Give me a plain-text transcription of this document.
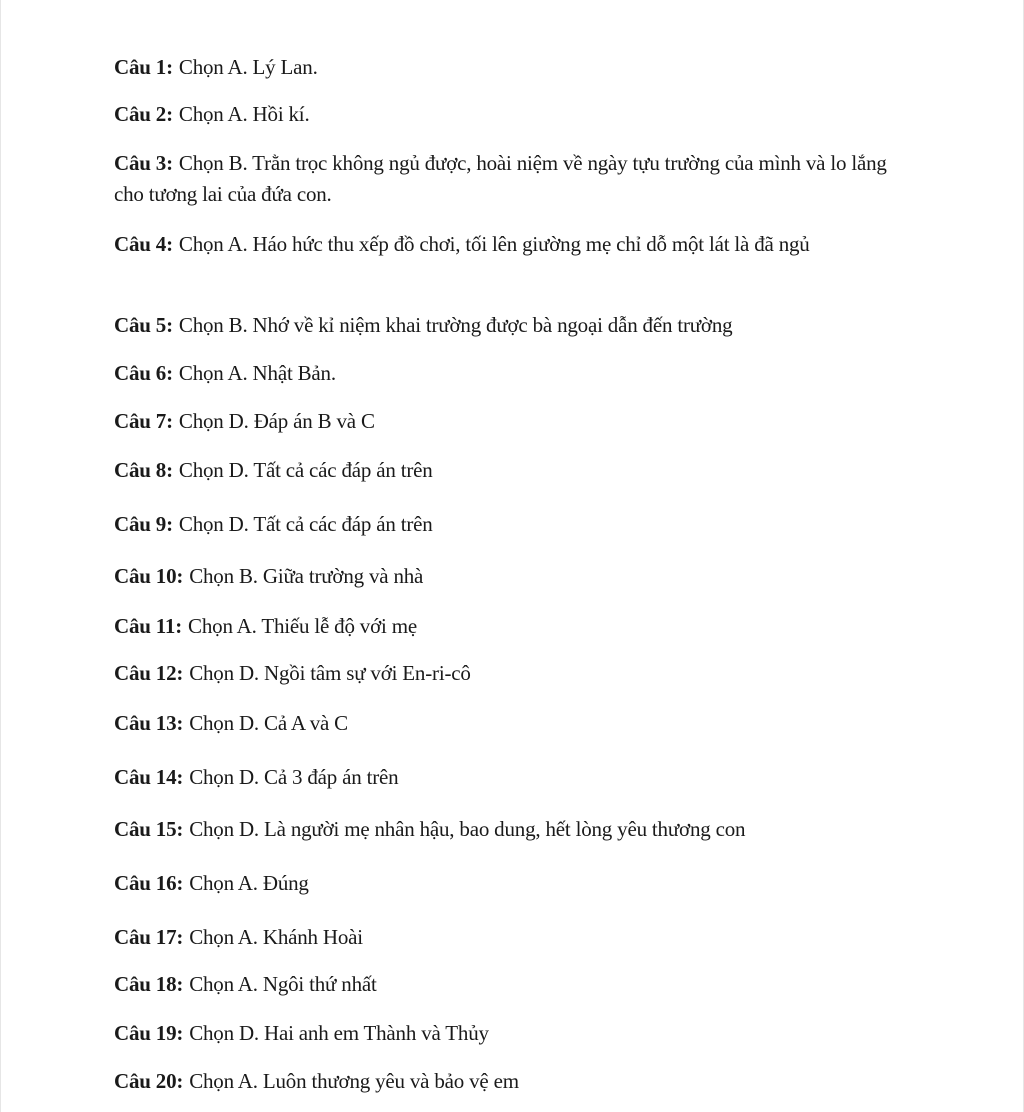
Câu 1: Chọn A. Lý Lan.
Câu 2: Chọn A. Hồi kí.
Câu 3: Chọn B. Trằn trọc không ngủ được, hoài niệm về ngày tựu trường của mình và lo lắng cho tương lai của đứa con.
Câu 4: Chọn A. Háo hức thu xếp đồ chơi, tối lên giường mẹ chỉ dỗ một lát là đã ngủ
Câu 5: Chọn B. Nhớ về kỉ niệm khai trường được bà ngoại dẫn đến trường
Câu 6: Chọn A. Nhật Bản.
Câu 7: Chọn D. Đáp án B và C
Câu 8: Chọn D. Tất cả các đáp án trên
Câu 9: Chọn D. Tất cả các đáp án trên
Câu 10: Chọn B. Giữa trường và nhà
Câu 11: Chọn A. Thiếu lễ độ với mẹ
Câu 12: Chọn D. Ngồi tâm sự với En-ri-cô
Câu 13: Chọn D. Cả A và C
Câu 14: Chọn D. Cả 3 đáp án trên
Câu 15: Chọn D. Là người mẹ nhân hậu, bao dung, hết lòng yêu thương con
Câu 16: Chọn A. Đúng
Câu 17: Chọn A. Khánh Hoài
Câu 18: Chọn A. Ngôi thứ nhất
Câu 19: Chọn D. Hai anh em Thành và Thủy
Câu 20: Chọn A. Luôn thương yêu và bảo vệ em
